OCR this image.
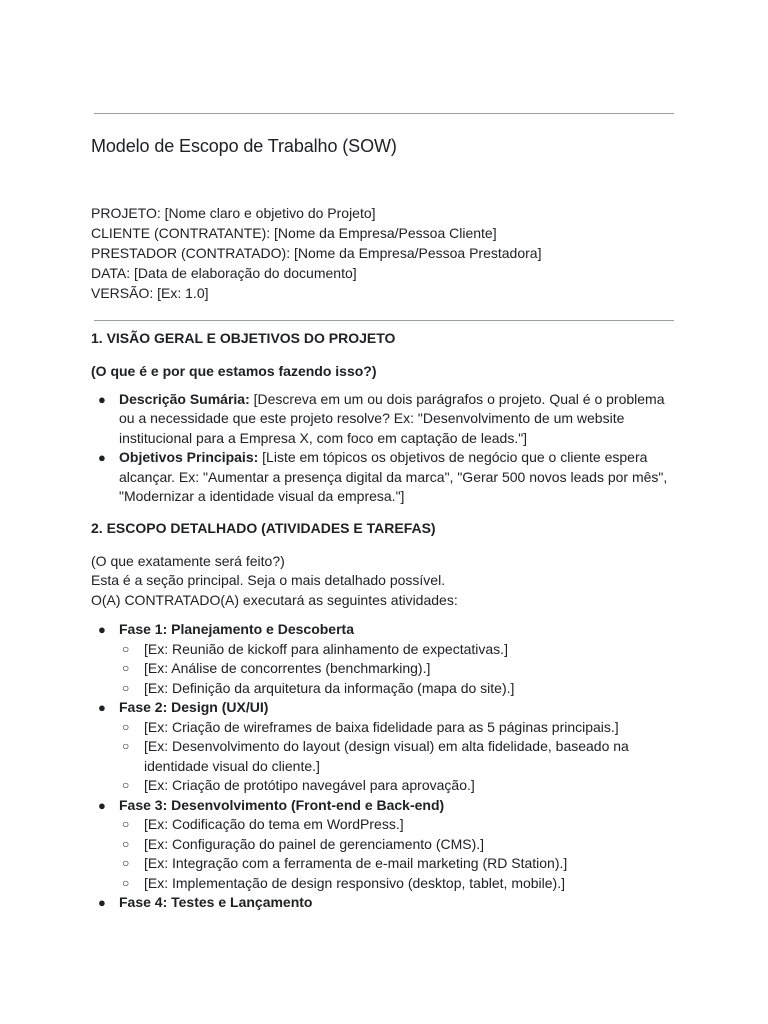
Modelo de Escopo de Trabalho (SOW)
PROJETO: [Nome claro e objetivo do Projeto]
CLIENTE (CONTRATANTE): [Nome da Empresa/Pessoa Cliente]
PRESTADOR (CONTRATADO): [Nome da Empresa/Pessoa Prestadora]
DATA: [Data de elaboração do documento]
VERSÃO: [Ex: 1.0]
1. VISÃO GERAL E OBJETIVOS DO PROJETO
(O que é e por que estamos fazendo isso?)
● Descrição Sumária: [Descreva em um ou dois parágrafos o projeto. Qual é o problema ou a necessidade que este projeto resolve? Ex: "Desenvolvimento de um website institucional para a Empresa X, com foco em captação de leads."]
● Objetivos Principais: [Liste em tópicos os objetivos de negócio que o cliente espera alcançar. Ex: "Aumentar a presença digital da marca", "Gerar 500 novos leads por mês", "Modernizar a identidade visual da empresa."]
2. ESCOPO DETALHADO (ATIVIDADES E TAREFAS)
(O que exatamente será feito?)
Esta é a seção principal. Seja o mais detalhado possível.
O(A) CONTRATADO(A) executará as seguintes atividades:
● Fase 1: Planejamento e Descoberta
○ [Ex: Reunião de kickoff para alinhamento de expectativas.]
○ [Ex: Análise de concorrentes (benchmarking).]
○ [Ex: Definição da arquitetura da informação (mapa do site).]
● Fase 2: Design (UX/UI)
○ [Ex: Criação de wireframes de baixa fidelidade para as 5 páginas principais.]
○ [Ex: Desenvolvimento do layout (design visual) em alta fidelidade, baseado na identidade visual do cliente.]
○ [Ex: Criação de protótipo navegável para aprovação.]
● Fase 3: Desenvolvimento (Front-end e Back-end)
○ [Ex: Codificação do tema em WordPress.]
○ [Ex: Configuração do painel de gerenciamento (CMS).]
○ [Ex: Integração com a ferramenta de e-mail marketing (RD Station).]
○ [Ex: Implementação de design responsivo (desktop, tablet, mobile).]
● Fase 4: Testes e Lançamento
